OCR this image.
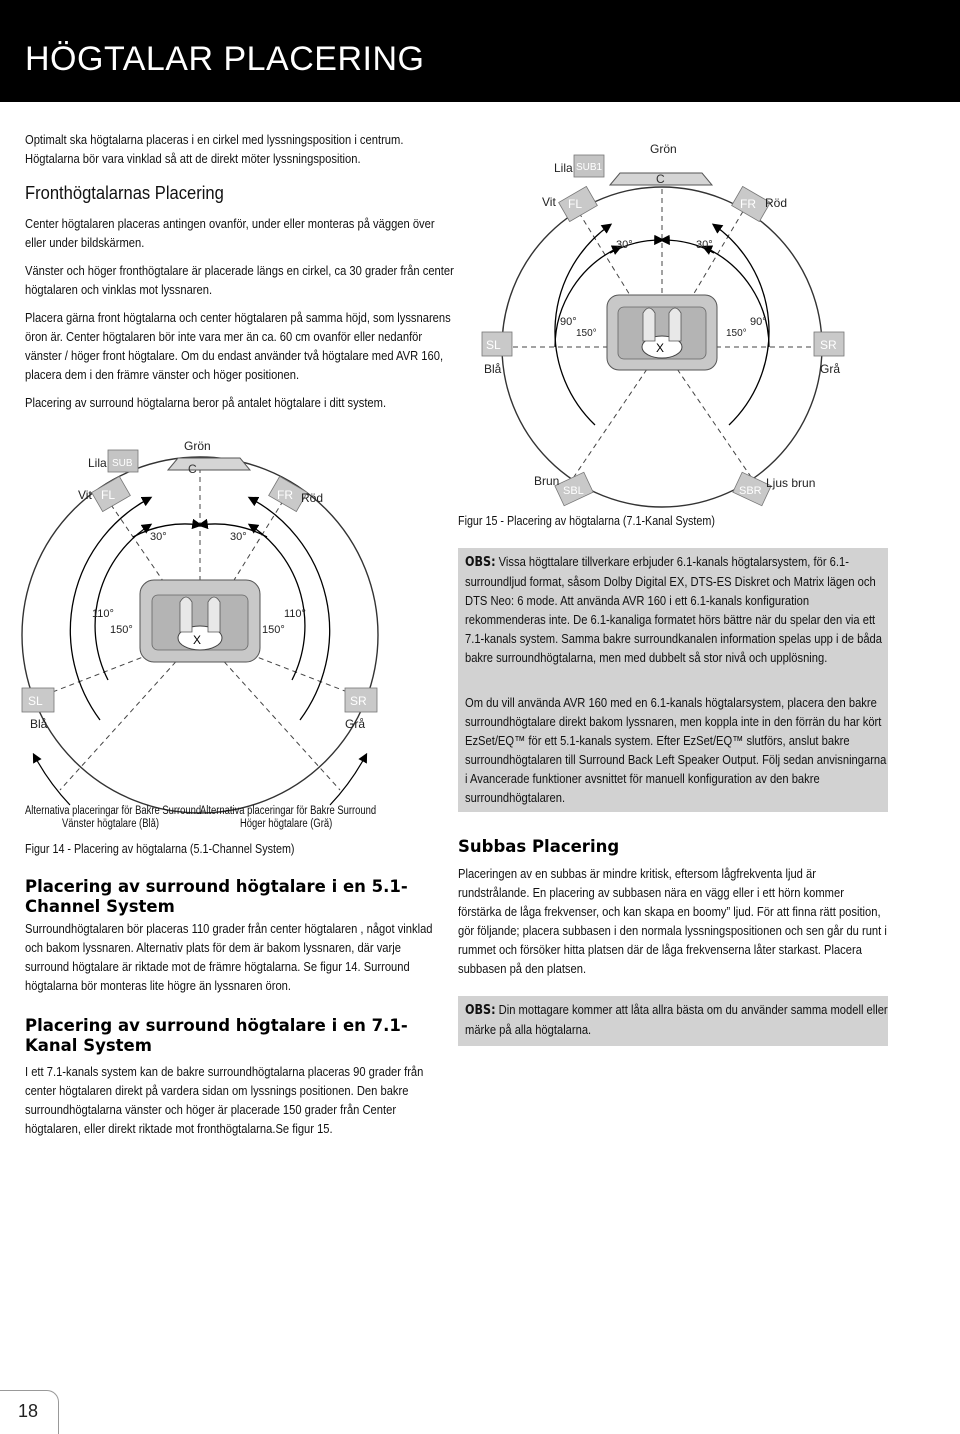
HÖGTALAR PLACERING

Optimalt ska högtalarna placeras i en cirkel med lyssningsposition i centrum.

Högtalarna bör vara vinklad så att de direkt möter lyssningsposition.

Fronthögtalarnas Placering

Center högtalaren placeras antingen ovanför, under eller monteras på väggen över eller under bildskärmen.

Vänster och höger fronthögtalare är placerade längs en cirkel, ca 30 grader från center högtalaren och vinklas mot lyssnaren.

Placera gärna front högtalarna och center högtalaren på samma höjd, som lyssnarens öron är. Center högtalaren bör inte vara mer än ca. 60 cm ovanför eller nedanför vänster / höger front högtalare. Om du endast använder två högtalare med AVR 160, placera dem i den främre vänster och höger positionen.

Placering av surround högtalarna beror på antalet högtalare i ditt system.

X
C
Grön
SUB
Lila
FL
Vit	FR Röd
30°	30°
110°
150°
110°
150°
SL
Blå
SR
Grå
Alternativa placeringar för Bakre Surround
Vänster högtalare (Blå)
Alternativa placeringar för Bakre Surround
Höger högtalare (Grå)
Figur 14 - Placering av högtalarna (5.1-Channel System)
Placering av surround högtalare i en 5.1-Channel System
Surroundhögtalaren bör placeras 110 grader från center högtalaren , något vinklad och bakom lyssnaren. Alternativ plats för dem är bakom lyssnaren, där varje surround högtalare är riktade mot de främre högtalarna. Se figur 14. Surround högtalarna bör monteras lite högre än lyssnaren öron.
Placering av surround högtalare i en 7.1-Kanal System
I ett 7.1-kanals system kan de bakre surroundhögtalarna placeras 90 grader från center högtalaren direkt på vardera sidan om lyssnings positionen. Den bakre surroundhögtalarna vänster och höger är placerade 150 grader från Center högtalaren, eller direkt riktade mot fronthögtalarna.Se figur 15.
X
C
Grön
SUB1
Lila
FL
Vit	FR Röd
30°	30°
90°
150°
90°
150°
SL
Blå
SR
Grå
SBL
Brun
SBR
Ljus brun
Figur 15 - Placering av högtalarna (7.1-Kanal System)
OBS: Vissa högttalare tillverkare erbjuder 6.1-kanals högtalarsystem, för 6.1-surroundljud format, såsom Dolby Digital EX, DTS-ES Diskret och Matrix lägen och DTS Neo: 6 mode. Att använda AVR 160 i ett 6.1-kanals konfiguration rekommenderas inte. De 6.1-kanaliga formatet hörs bättre när du spelar den via ett 7.1-kanals system. Samma bakre surroundkanalen information spelas upp i de båda bakre surroundhögtalarna, men med dubbelt så stor nivå och upplösning.
Om du vill använda AVR 160 med en 6.1-kanals högtalarsystem, placera den bakre surroundhögtalare direkt bakom lyssnaren, men koppla inte in den förrän du har kört EzSet/EQ™ för ett 5.1-kanals system. Efter EzSet/EQ™ slutförs, anslut bakre surroundhögtalaren till Surround Back Left Speaker Output. Följ sedan anvisningarna i Avancerade funktioner avsnittet för manuell konfiguration av den bakre surroundhögtalaren.
Subbas Placering
Placeringen av en subbas är mindre kritisk, eftersom lågfrekventa ljud är rundstrålande. En placering av subbasen nära en vägg eller i ett hörn kommer förstärka de låga frekvenser, och kan skapa en boomy” ljud. För att finna rätt position, gör följande; placera subbasen i den normala lyssningspositionen och sen går du runt i rummet och försöker hitta platsen där de låga frekvenserna låter starkast. Placera subbasen på den platsen.
OBS: Din mottagare kommer att låta allra bästa om du använder samma modell eller märke på alla högtalarna.
18
